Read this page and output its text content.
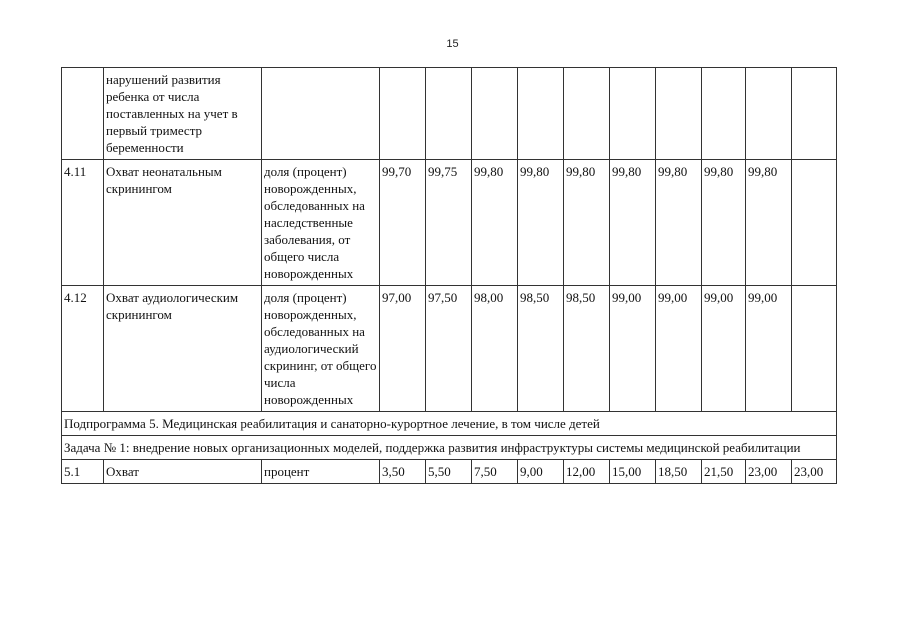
15
	нарушений развития ребенка от числа поставленных на учет в первый триместр беременности											
4.11	Охват неонатальным скринингом	доля (процент) новорожденных, обследованных на наследственные заболевания, от общего числа новорожденных	99,70	99,75	99,80	99,80	99,80	99,80	99,80	99,80	99,80	
4.12	Охват аудиологическим скринингом	доля (процент) новорожденных, обследованных на аудиологический скрининг, от общего числа новорожденных	97,00	97,50	98,00	98,50	98,50	99,00	99,00	99,00	99,00	
Подпрограмма 5. Медицинская реабилитация и санаторно-курортное лечение, в том числе детей												
Задача № 1: внедрение новых организационных моделей, поддержка развития инфраструктуры системы медицинской реабилитации												
5.1	Охват	процент	3,50	5,50	7,50	9,00	12,00	15,00	18,50	21,50	23,00	23,00
